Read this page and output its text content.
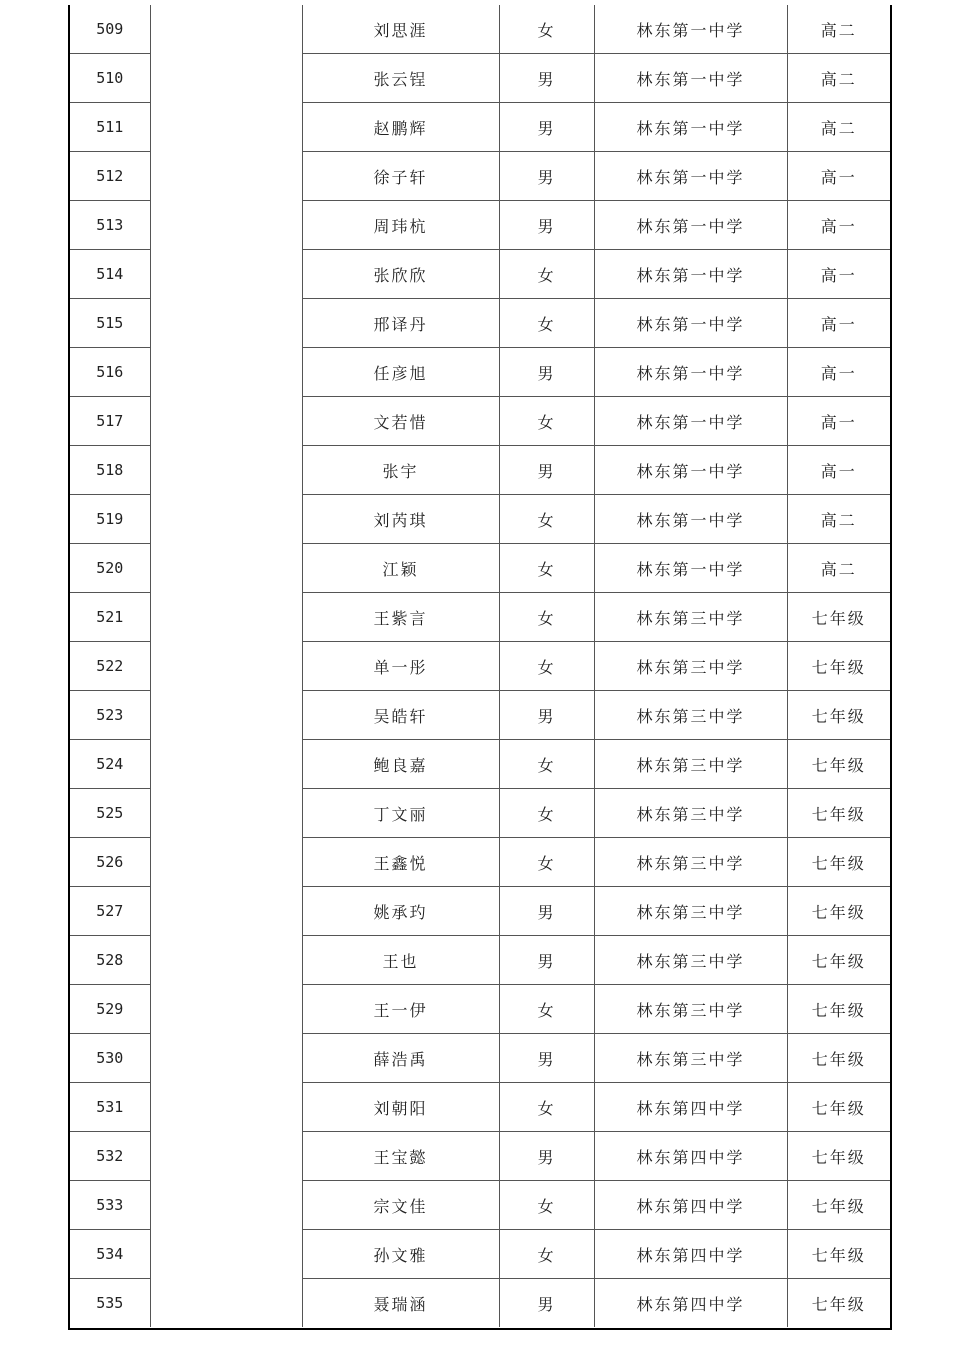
509		刘思涯	女	林东第一中学	高二
510		张云锃	男	林东第一中学	高二
511		赵鹏辉	男	林东第一中学	高二
512		徐子轩	男	林东第一中学	高一
513		周玮杭	男	林东第一中学	高一
514		张欣欣	女	林东第一中学	高一
515		邢译丹	女	林东第一中学	高一
516		任彦旭	男	林东第一中学	高一
517		文若惜	女	林东第一中学	高一
518		张宇	男	林东第一中学	高一
519		刘芮琪	女	林东第一中学	高二
520		江颖	女	林东第一中学	高二
521		王紫言	女	林东第三中学	七年级
522		单一彤	女	林东第三中学	七年级
523		吴皓轩	男	林东第三中学	七年级
524		鲍良嘉	女	林东第三中学	七年级
525		丁文丽	女	林东第三中学	七年级
526		王鑫悦	女	林东第三中学	七年级
527		姚承玓	男	林东第三中学	七年级
528		王也	男	林东第三中学	七年级
529		王一伊	女	林东第三中学	七年级
530		薛浩禹	男	林东第三中学	七年级
531		刘朝阳	女	林东第四中学	七年级
532		王宝懿	男	林东第四中学	七年级
533		宗文佳	女	林东第四中学	七年级
534		孙文雅	女	林东第四中学	七年级
535		聂瑞涵	男	林东第四中学	七年级
